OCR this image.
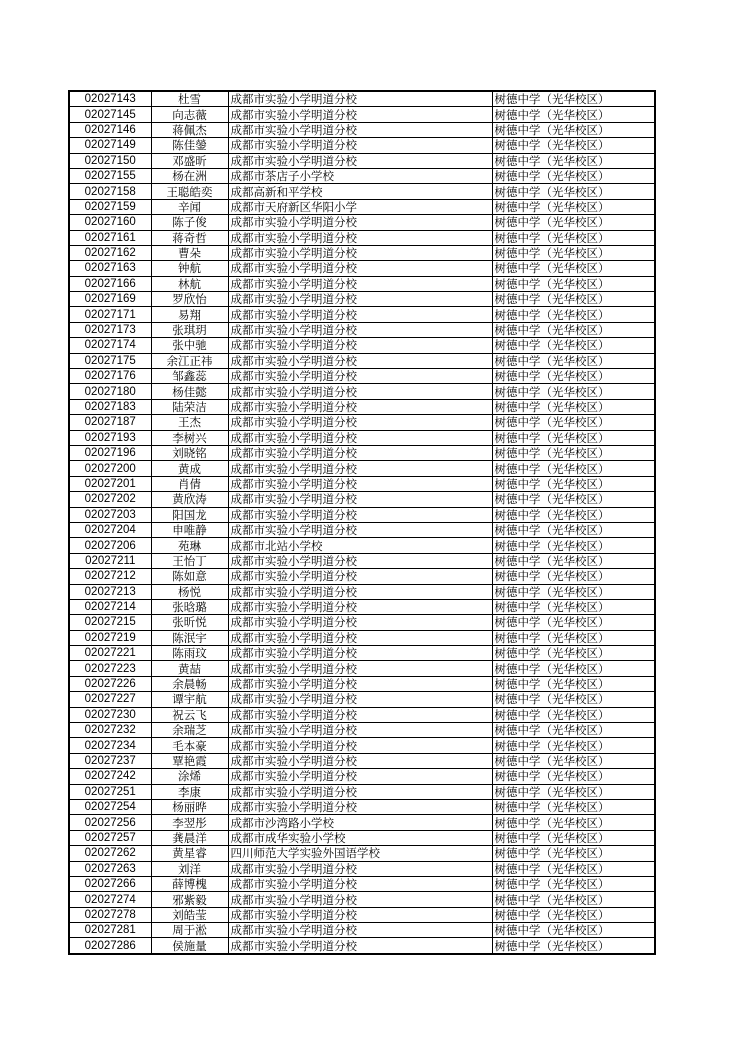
02027143	杜雪	成都市实验小学明道分校		树德中学（光华校区）
02027145	向志薇	成都市实验小学明道分校		树德中学（光华校区）
02027146	蒋佩杰	成都市实验小学明道分校		树德中学（光华校区）
02027149	陈佳鎣	成都市实验小学明道分校		树德中学（光华校区）
02027150	邓盛昕	成都市实验小学明道分校		树德中学（光华校区）
02027155	杨在洲	成都市茶店子小学校		树德中学（光华校区）
02027158	王聪皓奕	成都高新和平学校		树德中学（光华校区）
02027159	辛闻	成都市天府新区华阳小学		树德中学（光华校区）
02027160	陈子俊	成都市实验小学明道分校		树德中学（光华校区）
02027161	蒋奇哲	成都市实验小学明道分校		树德中学（光华校区）
02027162	曹朵	成都市实验小学明道分校		树德中学（光华校区）
02027163	钟航	成都市实验小学明道分校		树德中学（光华校区）
02027166	林航	成都市实验小学明道分校		树德中学（光华校区）
02027169	罗欣怡	成都市实验小学明道分校		树德中学（光华校区）
02027171	易翔	成都市实验小学明道分校		树德中学（光华校区）
02027173	张琪玥	成都市实验小学明道分校		树德中学（光华校区）
02027174	张中驰	成都市实验小学明道分校		树德中学（光华校区）
02027175	余江正祎	成都市实验小学明道分校		树德中学（光华校区）
02027176	邹鑫蕊	成都市实验小学明道分校		树德中学（光华校区）
02027180	杨佳懿	成都市实验小学明道分校		树德中学（光华校区）
02027183	陆荣洁	成都市实验小学明道分校		树德中学（光华校区）
02027187	王杰	成都市实验小学明道分校		树德中学（光华校区）
02027193	李树兴	成都市实验小学明道分校		树德中学（光华校区）
02027196	刘晓铭	成都市实验小学明道分校		树德中学（光华校区）
02027200	黄成	成都市实验小学明道分校		树德中学（光华校区）
02027201	肖倩	成都市实验小学明道分校		树德中学（光华校区）
02027202	黄欣涛	成都市实验小学明道分校		树德中学（光华校区）
02027203	阳国龙	成都市实验小学明道分校		树德中学（光华校区）
02027204	申唯静	成都市实验小学明道分校		树德中学（光华校区）
02027206	苑琳	成都市北站小学校		树德中学（光华校区）
02027211	王怡丁	成都市实验小学明道分校		树德中学（光华校区）
02027212	陈如意	成都市实验小学明道分校		树德中学（光华校区）
02027213	杨悦	成都市实验小学明道分校		树德中学（光华校区）
02027214	张晗璐	成都市实验小学明道分校		树德中学（光华校区）
02027215	张昕悦	成都市实验小学明道分校		树德中学（光华校区）
02027219	陈泯宇	成都市实验小学明道分校		树德中学（光华校区）
02027221	陈雨玟	成都市实验小学明道分校		树德中学（光华校区）
02027223	黄喆	成都市实验小学明道分校		树德中学（光华校区）
02027226	余晨畅	成都市实验小学明道分校		树德中学（光华校区）
02027227	谭宇航	成都市实验小学明道分校		树德中学（光华校区）
02027230	祝云飞	成都市实验小学明道分校		树德中学（光华校区）
02027232	余瑞芝	成都市实验小学明道分校		树德中学（光华校区）
02027234	毛本豪	成都市实验小学明道分校		树德中学（光华校区）
02027237	覃艳霞	成都市实验小学明道分校		树德中学（光华校区）
02027242	涂烯	成都市实验小学明道分校		树德中学（光华校区）
02027251	李康	成都市实验小学明道分校		树德中学（光华校区）
02027254	杨丽晔	成都市实验小学明道分校		树德中学（光华校区）
02027256	李翌彤	成都市沙湾路小学校		树德中学（光华校区）
02027257	龚晨洋	成都市成华实验小学校		树德中学（光华校区）
02027262	黄星睿	四川师范大学实验外国语学校		树德中学（光华校区）
02027263	刘洋	成都市实验小学明道分校		树德中学（光华校区）
02027266	薛博槐	成都市实验小学明道分校		树德中学（光华校区）
02027274	邪紫毅	成都市实验小学明道分校		树德中学（光华校区）
02027278	刘皓莹	成都市实验小学明道分校		树德中学（光华校区）
02027281	周于淞	成都市实验小学明道分校		树德中学（光华校区）
02027286	侯施量	成都市实验小学明道分校		树德中学（光华校区）
